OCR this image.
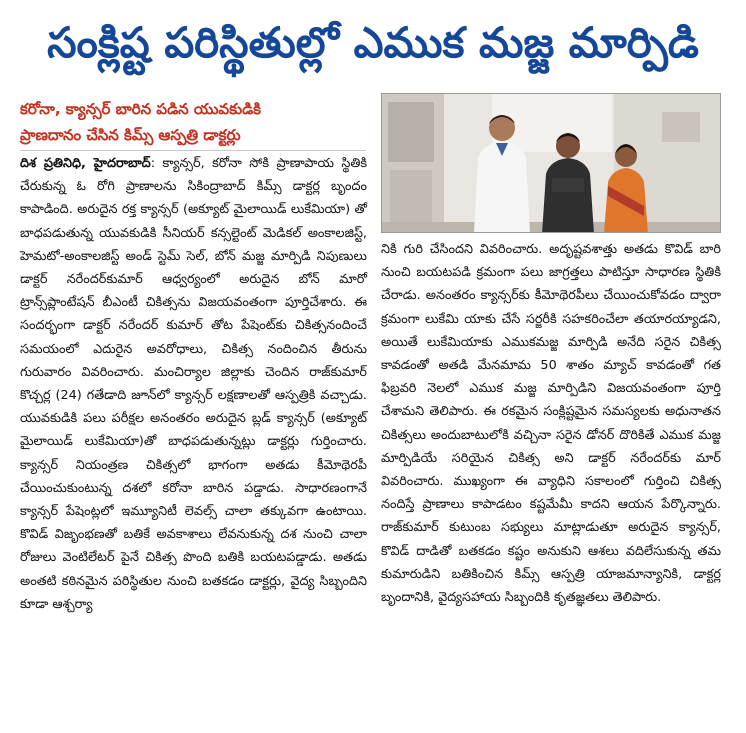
సంక్లిష్ట పరిస్థితుల్లో ఎముక మజ్జ మార్పిడి
కరోనా, క్యాన్సర్ బారిన పడిన యువకుడికి
ప్రాణదానం చేసిన కిమ్స్ ఆస్పత్రి డాక్టర్లు

దిశ ప్రతినిధి, హైదరాబాద్: క్యాన్సర్, కరోనా సోకి ప్రాణాపాయ స్థితికి చేరుకున్న ఓ రోగి ప్రాణాలను సికింద్రాబాద్ కిమ్స్ డాక్టర్ల బృందం కాపాడింది. అరుదైన రక్త క్యాన్సర్ (అక్యూట్ మైలాయిడ్ లుకేమియా) తో బాధపడుతున్న యువకుడికి సీనియర్ కన్సల్టెంట్ మెడికల్ అంకాలజిస్ట్, హెమటో-అంకాలజిస్ట్ అండ్ స్టెమ్ సెల్, బోన్ మజ్జ మార్పిడి నిపుణులు డాక్టర్ నరేందర్‌కుమార్ ఆధ్వర్యంలో అరుదైన బోన్ మారో ట్రాన్స్‌ప్లాంటేషన్ బీఎంటీ చికిత్సను విజయవంతంగా పూర్తిచేశారు. ఈ సందర్భంగా డాక్టర్ నరేందర్ కుమార్ తోట పేషెంట్‌కు చికిత్సనందించే సమయంలో ఎదురైన అవరోధాలు, చికిత్స నందించిన తీరును గురువారం వివరించారు. మంచిర్యాల జిల్లాకు చెందిన రాజ్‌కుమార్ కొచ్చర్ల (24) గతేడాది జూన్‌లో క్యాన్సర్ లక్షణాలతో ఆస్పత్రికి వచ్చాడు. యువకుడికి పలు పరీక్షల అనంతరం అరుదైన బ్లడ్ క్యాన్సర్ (అక్యూట్ మైలాయిడ్ లుకేమియా)తో బాధపడుతున్నట్లు డాక్టర్లు గుర్తించారు. క్యాన్సర్ నియంత్రణ చికిత్సలో భాగంగా అతడు కీమోథెరపీ చేయించుకుంటున్న దశలో కరోనా బారిన పడ్డాడు. సాధారణంగానే క్యాన్సర్ పేషెంట్లలో ఇమ్యూనిటీ లెవల్స్ చాలా తక్కువగా ఉంటాయి. కొవిడ్ విజృంభణతో బతికే అవకాశాలు లేవనుకున్న దశ నుంచి చాలా రోజులు వెంటిలేటర్ పైనే చికిత్స పొంది బతికి బయటపడ్డాడు. అతడు అంతటి కఠినమైన పరిస్థితుల నుంచి బతకడం డాక్టర్లు, వైద్య సిబ్బందిని కూడా ఆశ్చర్యా

నికి గురి చేసిందని వివరించారు. అదృష్టవశాత్తు అతడు కొవిడ్ బారి నుంచి బయటపడి క్రమంగా పలు జాగ్రత్తలు పాటిస్తూ సాధారణ స్థితికి చేరాడు. అనంతరం క్యాన్సర్‌కు కీమోథెరపీలు చేయించుకోవడం ద్వారా క్రమంగా లుకేమి యాకు చేసే సర్జరీకి సహకరించేలా తయారయ్యాడని, అయితే లుకేమియాకు ఎముకమజ్జ మార్పిడి అనేది సరైన చికిత్స కావడంతో అతడి మేనమామ 50 శాతం మ్యాచ్ కావడంతో గత ఫిబ్రవరి నెలలో ఎముక మజ్జ మార్పిడిని విజయవంతంగా పూర్తి చేశామని తెలిపారు. ఈ రకమైన సంక్లిష్టమైన సమస్యలకు అధునాతన చికిత్సలు అందుబాటులోకి వచ్చినా సరైన డోనర్ దొరికితే ఎముక మజ్జ మార్పిడియే సరియైన చికిత్స అని డాక్టర్ నరేందర్‌కు మార్ వివరించారు. ముఖ్యంగా ఈ వ్యాధిని సకాలంలో గుర్తించి చికిత్స నందిస్తే ప్రాణాలు కాపాడటం కష్టమేమీ కాదని ఆయన పేర్కొన్నారు. రాజ్‌కుమార్ కుటుంబ సభ్యులు మాట్లాడుతూ అరుదైన క్యాన్సర్, కొవిడ్ దాడితో బతకడం కష్టం అనుకుని ఆశలు వదిలేసుకున్న తమ కుమారుడిని బతికించిన కిమ్స్ ఆస్పత్రి యాజమాన్యానికి, డాక్టర్ల బృందానికి, వైద్యసహాయ సిబ్బందికి కృతజ్ఞతలు తెలిపారు.
